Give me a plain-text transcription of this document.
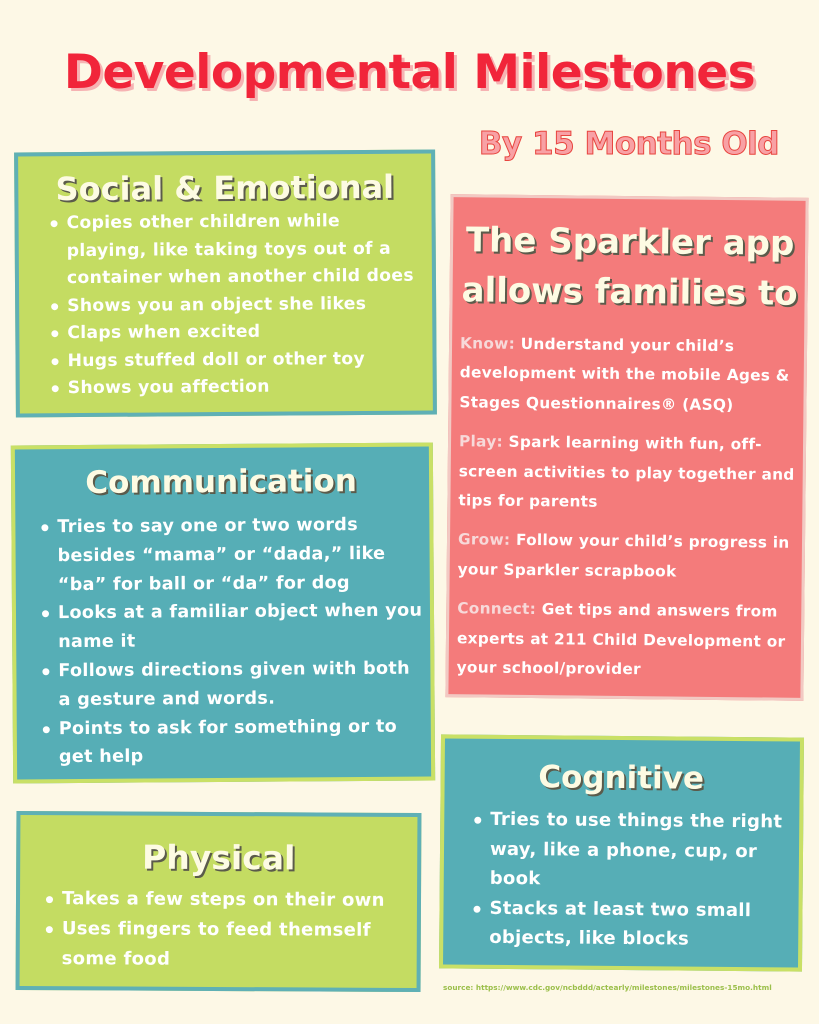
Developmental Milestones
By 15 Months Old
Social & Emotional
Copies other children while playing, like taking toys out of a container when another child does
Shows you an object she likes
Claps when excited
Hugs stuffed doll or other toy
Shows you affection
The Sparkler app allows families to
Know: Understand your child’s development with the mobile Ages & Stages Questionnaires® (ASQ)
Play: Spark learning with fun, off-screen activities to play together and tips for parents
Grow: Follow your child’s progress in your Sparkler scrapbook
Connect: Get tips and answers from experts at 211 Child Development or your school/provider
Communication
Tries to say one or two words besides “mama” or “dada,” like “ba” for ball or “da” for dog
Looks at a familiar object when you name it
Follows directions given with both a gesture and words.
Points to ask for something or to get help
Cognitive
Tries to use things the right way, like a phone, cup, or book
Stacks at least two small objects, like blocks
Physical
Takes a few steps on their own
Uses fingers to feed themself some food
source: https://www.cdc.gov/ncbddd/actearly/milestones/milestones-15mo.html
